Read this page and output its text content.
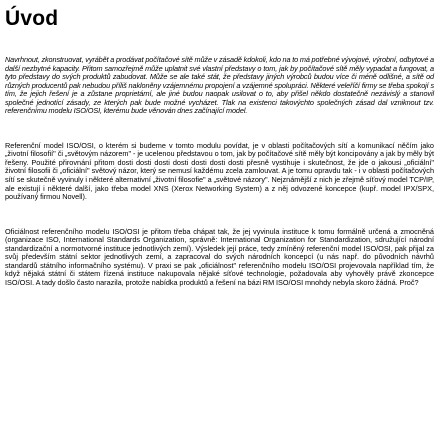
Úvod

Navrhnout, zkonstruovat, vyrábět a prodávat počítačové sítě může v zásadě kdokoli, kdo na to má potřebné vývojové, výrobní, odbytové a další nezbytné kapacity. Přitom samozřejmě může uplatnit své vlastní představy o tom, jak by počítačové sítě měly vypadat a fungovat, a tyto představy do svých produktů zabudovat. Může se ale také stát, že představy jiných výrobců budou více či méně odlišné, a sítě od různých producentů pak nebudou příliš nakloněny vzájemnému propojení a vzájemné spolupráci. Některé veleříčí firmy se třeba spokojí s tím, že jejich řešení je a zůstane proprietární, ale jiné budou naopak usilovat o to, aby přišel někdo dostatečně nezávislý a stanovil společné jednotící zásady, ze kterých pak bude možné vycházet. Tlak na existenci takovýchto společných zásad dal vzniknout tzv. referenčnímu modelu ISO/OSI, kterému bude věnován dnes začínající model.

Referenční model ISO/OSI, o kterém si budeme v tomto modulu povídat, je v oblasti počítačových sítí a komunikací něčím jako „životní filosofií" či „světovým názorem" - je ucelenou představou o tom, jak by počítačové sítě měly být koncipovány a jak by měly být řešeny. Použité přirovnání přitom dosti dosti dosti dosti dosti dosti dosti přesně vystihuje i skutečnost, že jde o jakousi „oficiální" životní filosofii či „oficiální" světový názor, který se nemusí každému zcela zamlouvat. A je tomu opravdu tak - i v oblasti počítačových sítí se skutečně vyvinuly i některé alternativní „životní filosofie" a „světové názory". Nejznámější z nich je zřejmě síťový model TCP/IP, ale existují i některé další, jako třeba model XNS (Xerox Networking System) a z něj odvozené koncepce (kupř. model IPX/SPX, používaný firmou Novell).

Oficiálnost referenčního modelu ISO/OSI je přitom třeba chápat tak, že jej vyvinula instituce k tomu formálně určená a zmocněná (organizace ISO, International Standards Organization, správně: International Organization for Standardization, sdružující národní standardizační a normotvorné instituce jednotlivých zemí). Výsledek její práce, tedy zmíněný referenční model ISO/OSI, pak přijal za svůj především státní sektor jednotlivých zemí, a zapracoval do svých národních koncepcí (u nás např. do původních návrhů standardů státního informačního systému). V praxi se pak „oficiálnost" referenčního modelu ISO/OSI projevovala například tím, že když nějaká státní či státem řízená instituce nakupovala nějaké síťové technologie, požadovala aby vyhověly právě zkoncepce ISO/OSI. A tady došlo často narazila, protože nabídka produktů a řešení na bázi RM ISO/OSI mnohdy nebyla skoro žádná. Proč?
